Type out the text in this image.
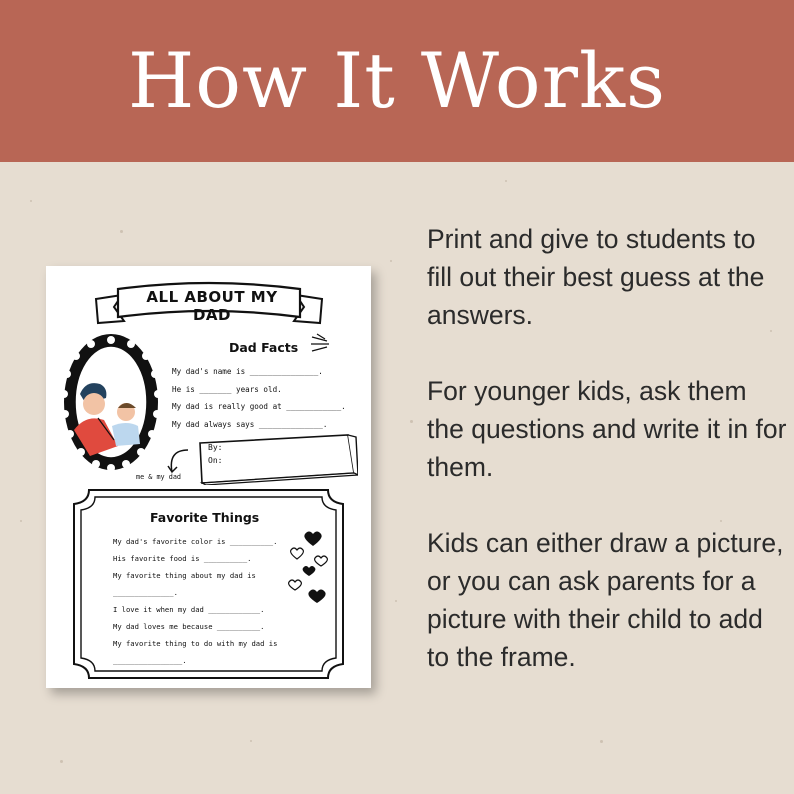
How It Works

Print and give to students to fill out their best guess at the answers.

For younger kids, ask them the questions and write it in for them.

Kids can either draw a picture, or you can ask parents for a picture with their child to add to the frame.

ALL ABOUT MY DAD
Dad Facts
My dad's name is _______________.
He is _______ years old.
My dad is really good at ____________.
My dad always says ______________.
By:
On:
me & my dad
Favorite Things
My dad's favorite color is __________.
His favorite food is __________.
My favorite thing about my dad is
______________.
I love it when my dad ____________.
My dad loves me because __________.
My favorite thing to do with my dad is
________________.
